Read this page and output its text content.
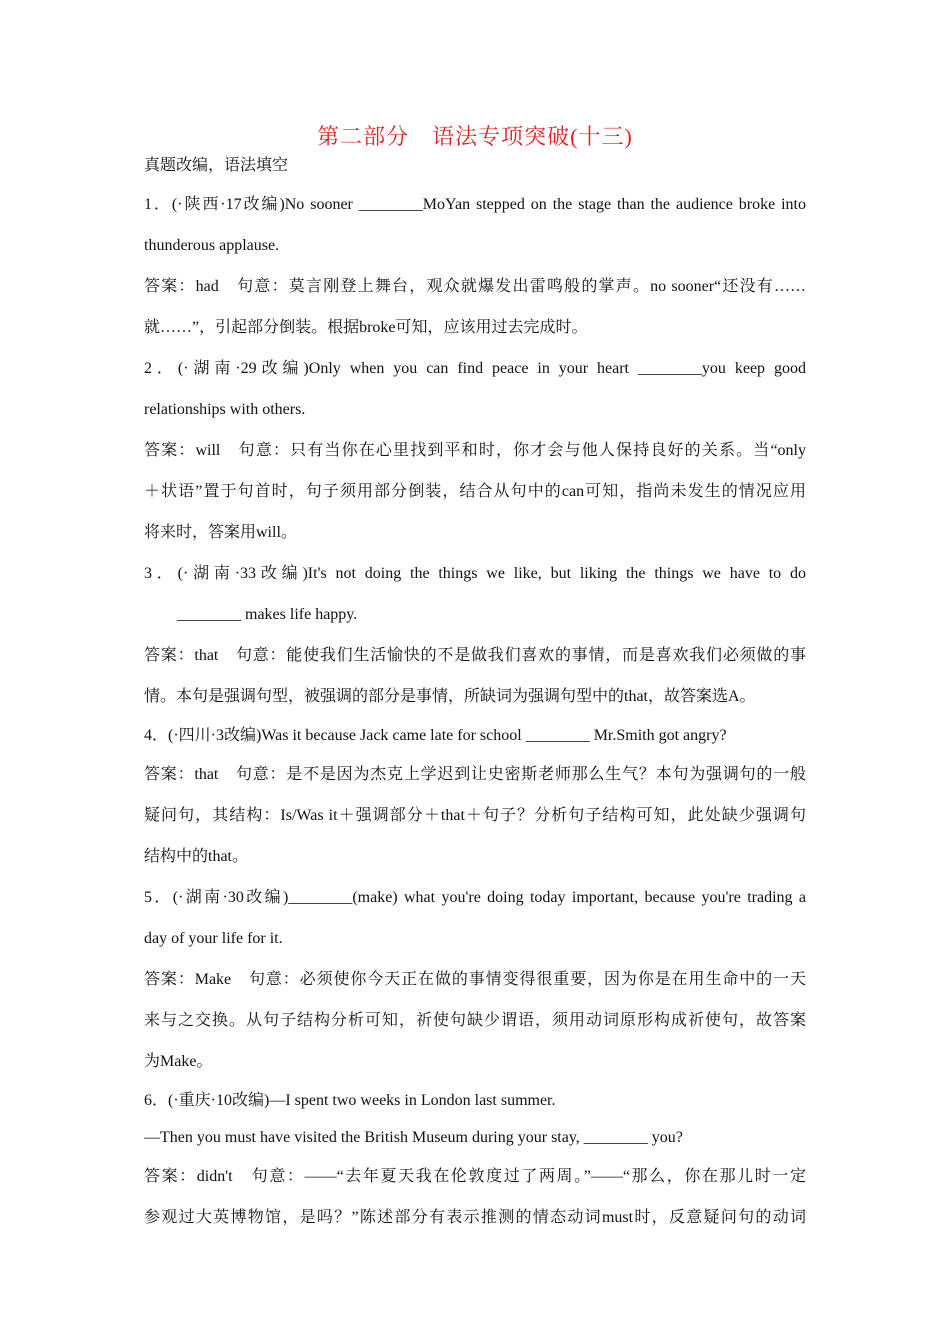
第二部分　语法专项突破(十三)
真题改编，语法填空
1．(·陕西·17改编)No sooner ________MoYan stepped on the stage than the audience broke into
thunderous applause.
答案：had　句意：莫言刚登上舞台，观众就爆发出雷鸣般的掌声。no sooner“还没有……
就……”，引起部分倒装。根据broke可知，应该用过去完成时。
2．(·湖南·29改编)Only when you can find peace in your heart ________you keep good
relationships with others.
答案：will　句意：只有当你在心里找到平和时，你才会与他人保持良好的关系。当“only
＋状语”置于句首时，句子须用部分倒装，结合从句中的can可知，指尚未发生的情况应用
将来时，答案用will。
3．(·湖南·33改编)It's not doing the things we like, but liking the things we have to do
________ makes life happy.
答案：that　句意：能使我们生活愉快的不是做我们喜欢的事情，而是喜欢我们必须做的事
情。本句是强调句型，被强调的部分是事情，所缺词为强调句型中的that，故答案选A。
4．(·四川·3改编)Was it because Jack came late for school ________ Mr.Smith got angry?
答案：that　句意：是不是因为杰克上学迟到让史密斯老师那么生气？本句为强调句的一般
疑问句，其结构：Is/Was it＋强调部分＋that＋句子？分析句子结构可知，此处缺少强调句
结构中的that。
5．(·湖南·30改编)________(make) what you're doing today important, because you're trading a
day of your life for it.
答案：Make　句意：必须使你今天正在做的事情变得很重要，因为你是在用生命中的一天
来与之交换。从句子结构分析可知，祈使句缺少谓语，须用动词原形构成祈使句，故答案
为Make。
6．(·重庆·10改编)—I spent two weeks in London last summer.
—Then you must have visited the British Museum during your stay, ________ you?
答案：didn't　句意：——“去年夏天我在伦敦度过了两周。”——“那么，你在那儿时一定
参观过大英博物馆，是吗？”陈述部分有表示推测的情态动词must时，反意疑问句的动词
